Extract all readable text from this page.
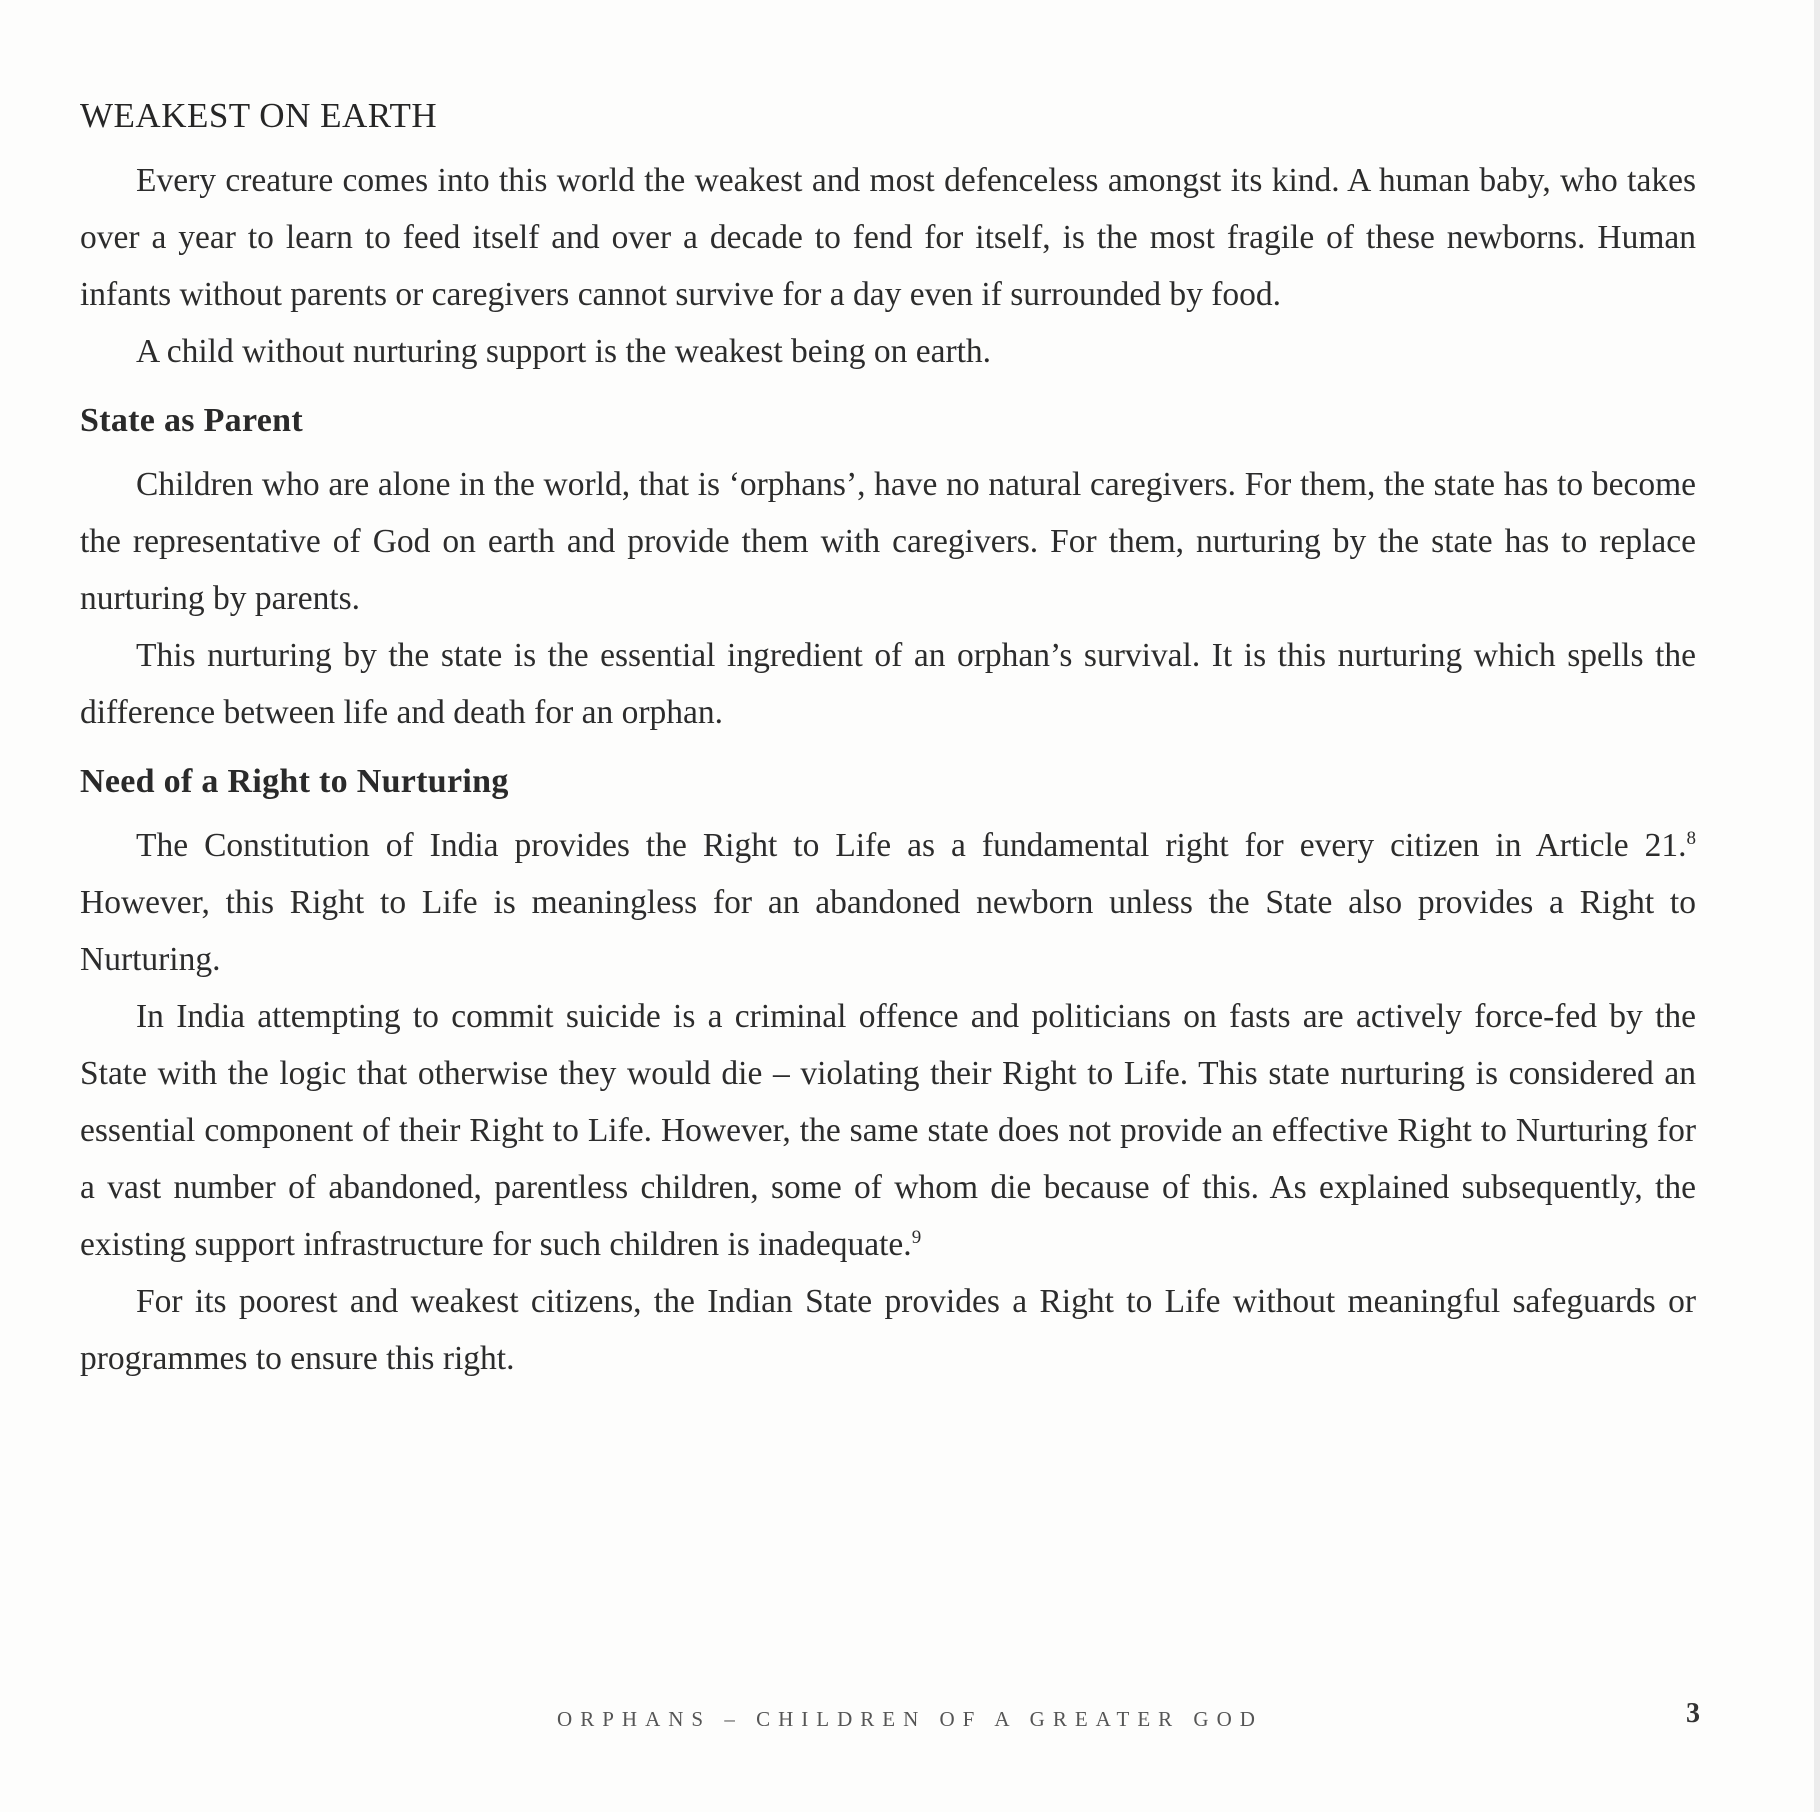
WEAKEST ON EARTH

Every creature comes into this world the weakest and most defenceless amongst its kind. A human baby, who takes over a year to learn to feed itself and over a decade to fend for itself, is the most fragile of these newborns. Human infants without parents or caregivers cannot survive for a day even if surrounded by food.

A child without nurturing support is the weakest being on earth.

State as Parent

Children who are alone in the world, that is ‘orphans’, have no natural caregivers. For them, the state has to become the representative of God on earth and provide them with caregivers. For them, nurturing by the state has to replace nurturing by parents.

This nurturing by the state is the essential ingredient of an orphan’s survival. It is this nurturing which spells the difference between life and death for an orphan.

Need of a Right to Nurturing

The Constitution of India provides the Right to Life as a fundamental right for every citizen in Article 21.$^8$ However, this Right to Life is meaningless for an abandoned newborn unless the State also provides a Right to Nurturing.

In India attempting to commit suicide is a criminal offence and politicians on fasts are actively force-fed by the State with the logic that otherwise they would die – violating their Right to Life. This state nurturing is considered an essential component of their Right to Life. However, the same state does not provide an effective Right to Nurturing for a vast number of abandoned, parentless children, some of whom die because of this. As explained subsequently, the existing support infrastructure for such children is inadequate.$^9$

For its poorest and weakest citizens, the Indian State provides a Right to Life without meaningful safeguards or programmes to ensure this right.

ORPHANS – CHILDREN OF A GREATER GOD	3
